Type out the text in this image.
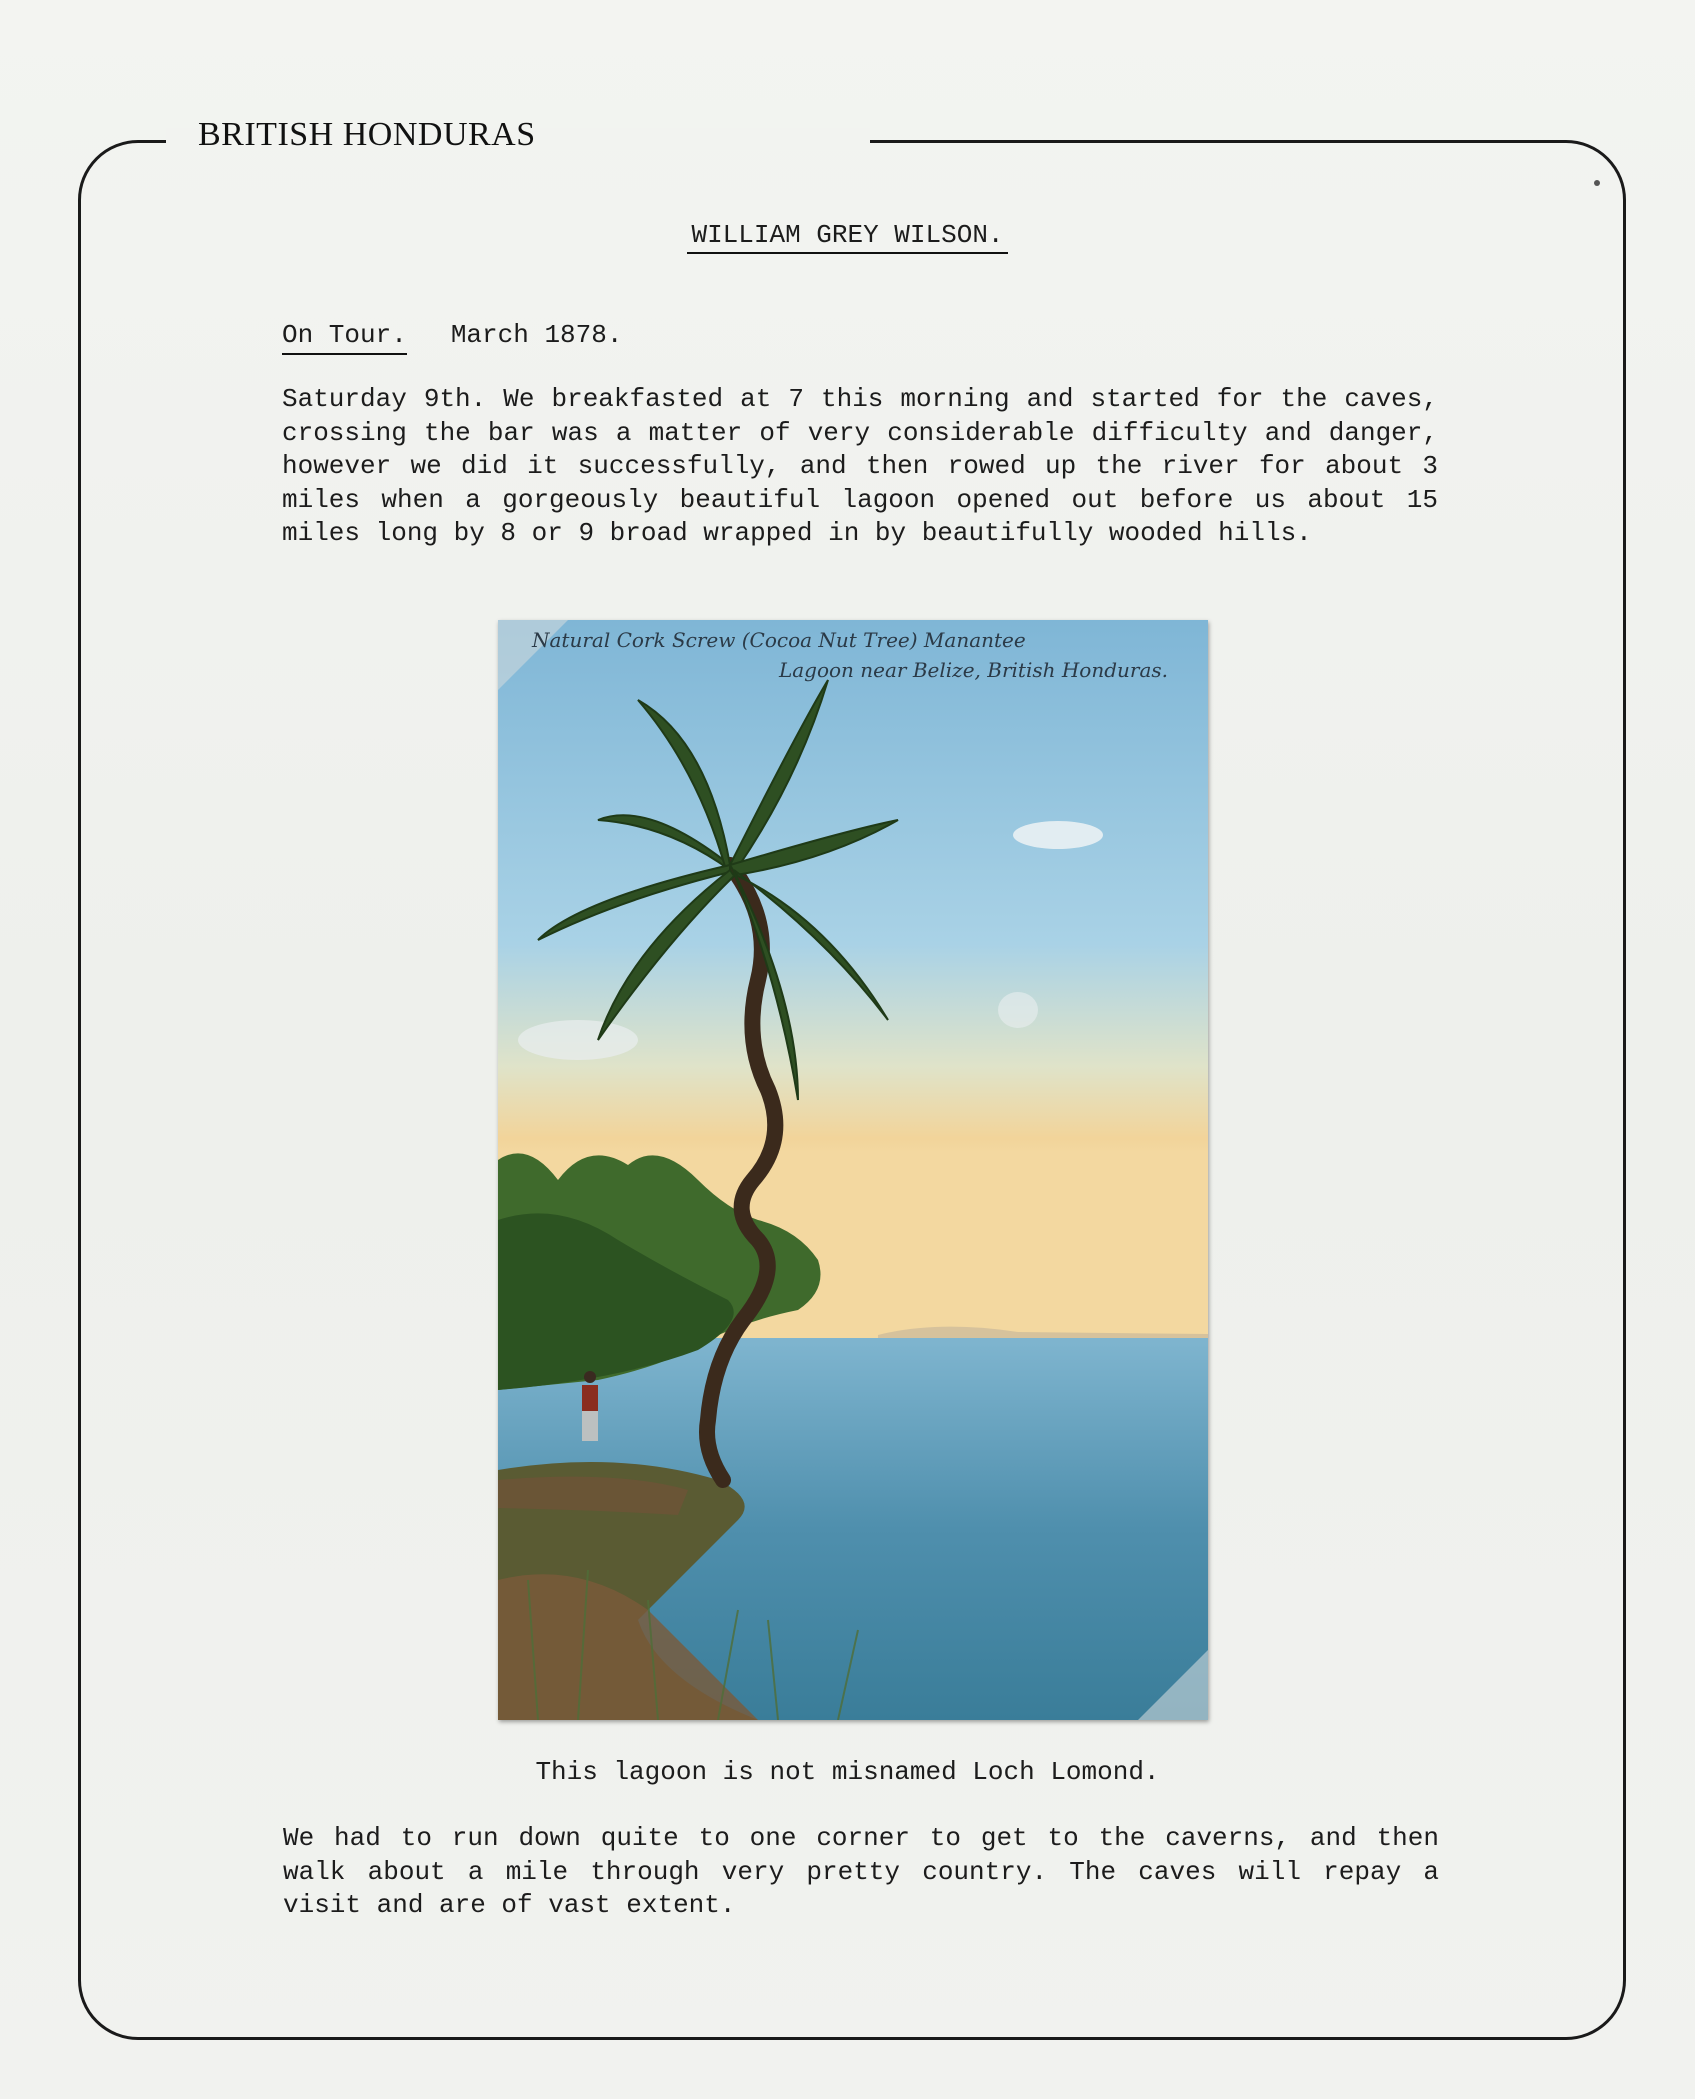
BRITISH HONDURAS
WILLIAM GREY WILSON.
On Tour. March 1878.
Saturday 9th. We breakfasted at 7 this morning and started for the caves, crossing the bar was a matter of very considerable difficulty and danger, however we did it successfully, and then rowed up the river for about 3 miles when a gorgeously beautiful lagoon opened out before us about 15 miles long by 8 or 9 broad wrapped in by beautifully wooded hills.
Natural Cork Screw (Cocoa Nut Tree) Manantee
Lagoon near Belize, British Honduras.
This lagoon is not misnamed Loch Lomond.
We had to run down quite to one corner to get to the caverns, and then walk about a mile through very pretty country. The caves will repay a visit and are of vast extent.
